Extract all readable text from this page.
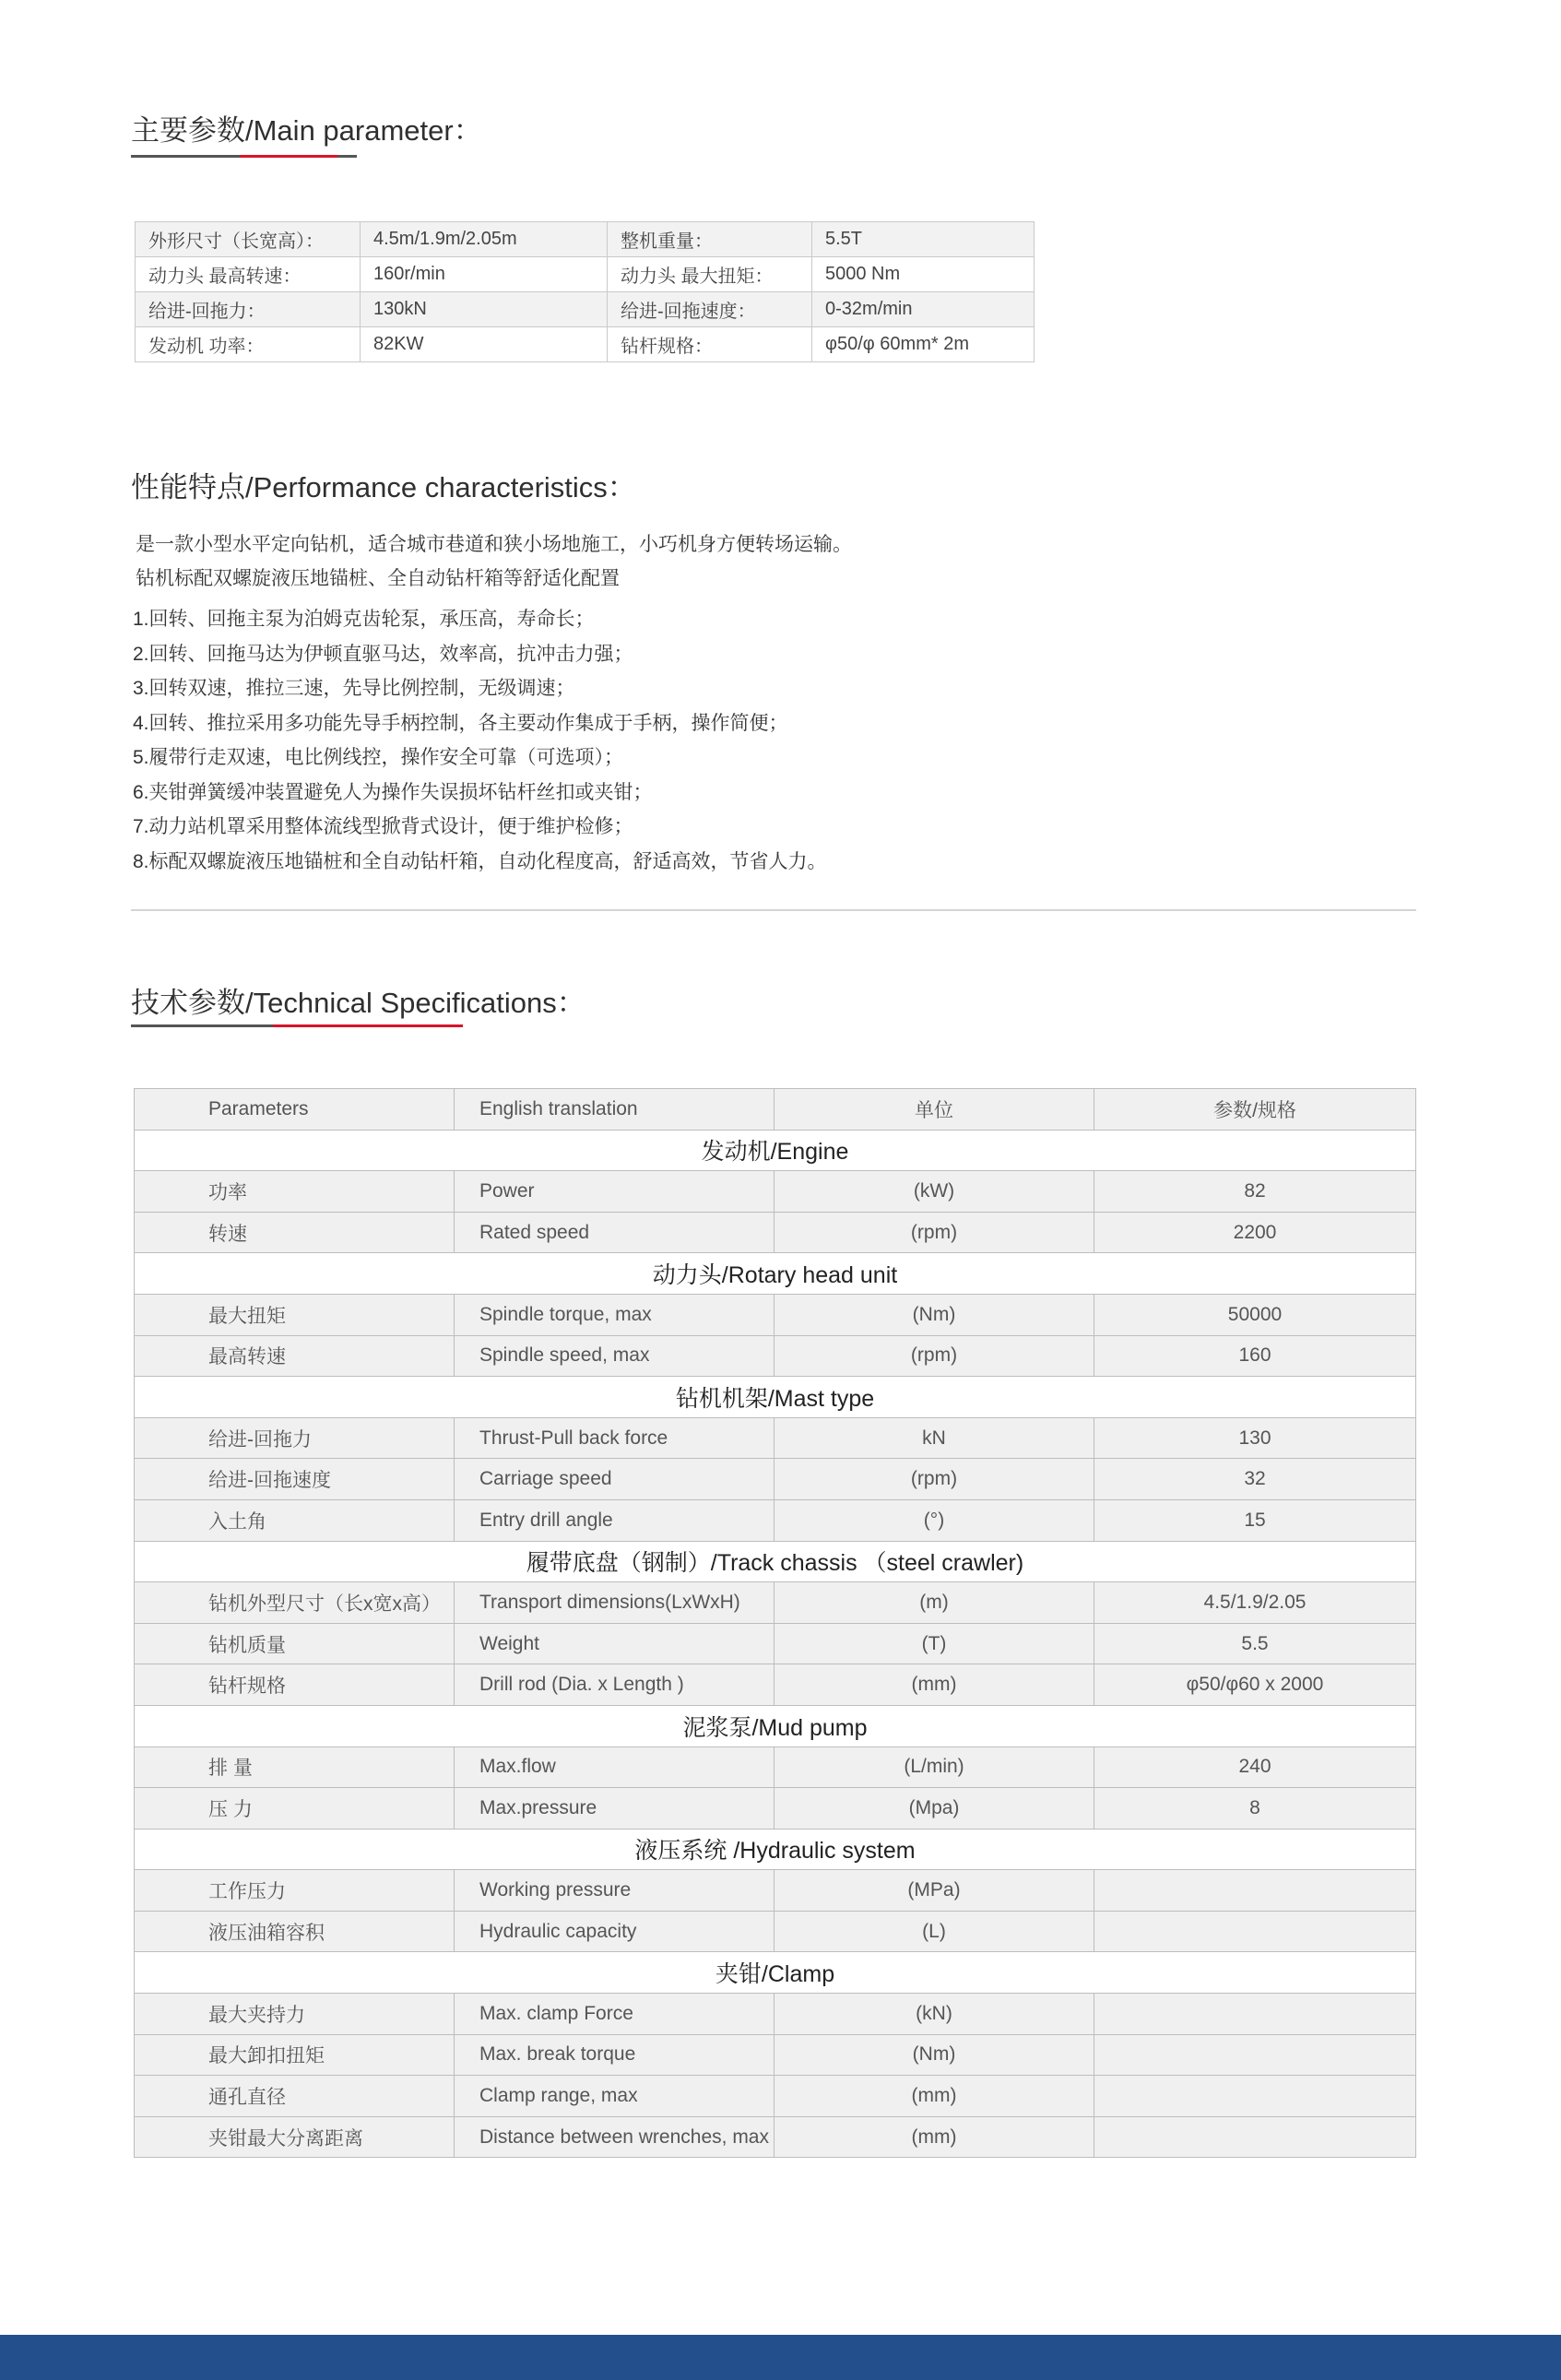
主要参数/Main parameter：
外形尺寸（长宽高）：	4.5m/1.9m/2.05m	整机重量：	5.5T
动力头 最高转速：	160r/min	动力头 最大扭矩：	5000 Nm
给进-回拖力：	130kN	给进-回拖速度：	0-32m/min
发动机 功率：	82KW	钻杆规格：	φ50/φ 60mm* 2m
性能特点/Performance characteristics：
是一款小型水平定向钻机，适合城市巷道和狭小场地施工，小巧机身方便转场运输。
钻机标配双螺旋液压地锚桩、全自动钻杆箱等舒适化配置
1.回转、回拖主泵为泊姆克齿轮泵，承压高，寿命长；
2.回转、回拖马达为伊顿直驱马达，效率高，抗冲击力强；
3.回转双速，推拉三速，先导比例控制，无级调速；
4.回转、推拉采用多功能先导手柄控制，各主要动作集成于手柄，操作简便；
5.履带行走双速，电比例线控，操作安全可靠（可选项）；
6.夹钳弹簧缓冲装置避免人为操作失误损坏钻杆丝扣或夹钳；
7.动力站机罩采用整体流线型掀背式设计，便于维护检修；
8.标配双螺旋液压地锚桩和全自动钻杆箱，自动化程度高，舒适高效，节省人力。
技术参数/Technical Specifications：
Parameters	English translation	单位	参数/规格
发动机/Engine			
功率	Power	(kW)	82
转速	Rated speed	(rpm)	2200
动力头/Rotary head unit			
最大扭矩	Spindle torque, max	(Nm)	50000
最高转速	Spindle speed, max	(rpm)	160
钻机机架/Mast type			
给进-回拖力	Thrust-Pull back force	kN	130
给进-回拖速度	Carriage speed	(rpm)	32
入土角	Entry drill angle	(°)	15
履带底盘（钢制）/Track chassis （steel crawler)			
钻机外型尺寸（长x宽x高）	Transport dimensions(LxWxH)	(m)	4.5/1.9/2.05
钻机质量	Weight	(T)	5.5
钻杆规格	Drill rod (Dia. x Length )	(mm)	φ50/φ60 x 2000
泥浆泵/Mud pump			
排 量	Max.flow	(L/min)	240
压 力	Max.pressure	(Mpa)	8
液压系统 /Hydraulic system			
工作压力	Working pressure	(MPa)	
液压油箱容积	Hydraulic capacity	(L)	
夹钳/Clamp			
最大夹持力	Max. clamp Force	(kN)	
最大卸扣扭矩	Max. break torque	(Nm)	
通孔直径	Clamp range, max	(mm)	
夹钳最大分离距离	Distance between wrenches, max	(mm)	
